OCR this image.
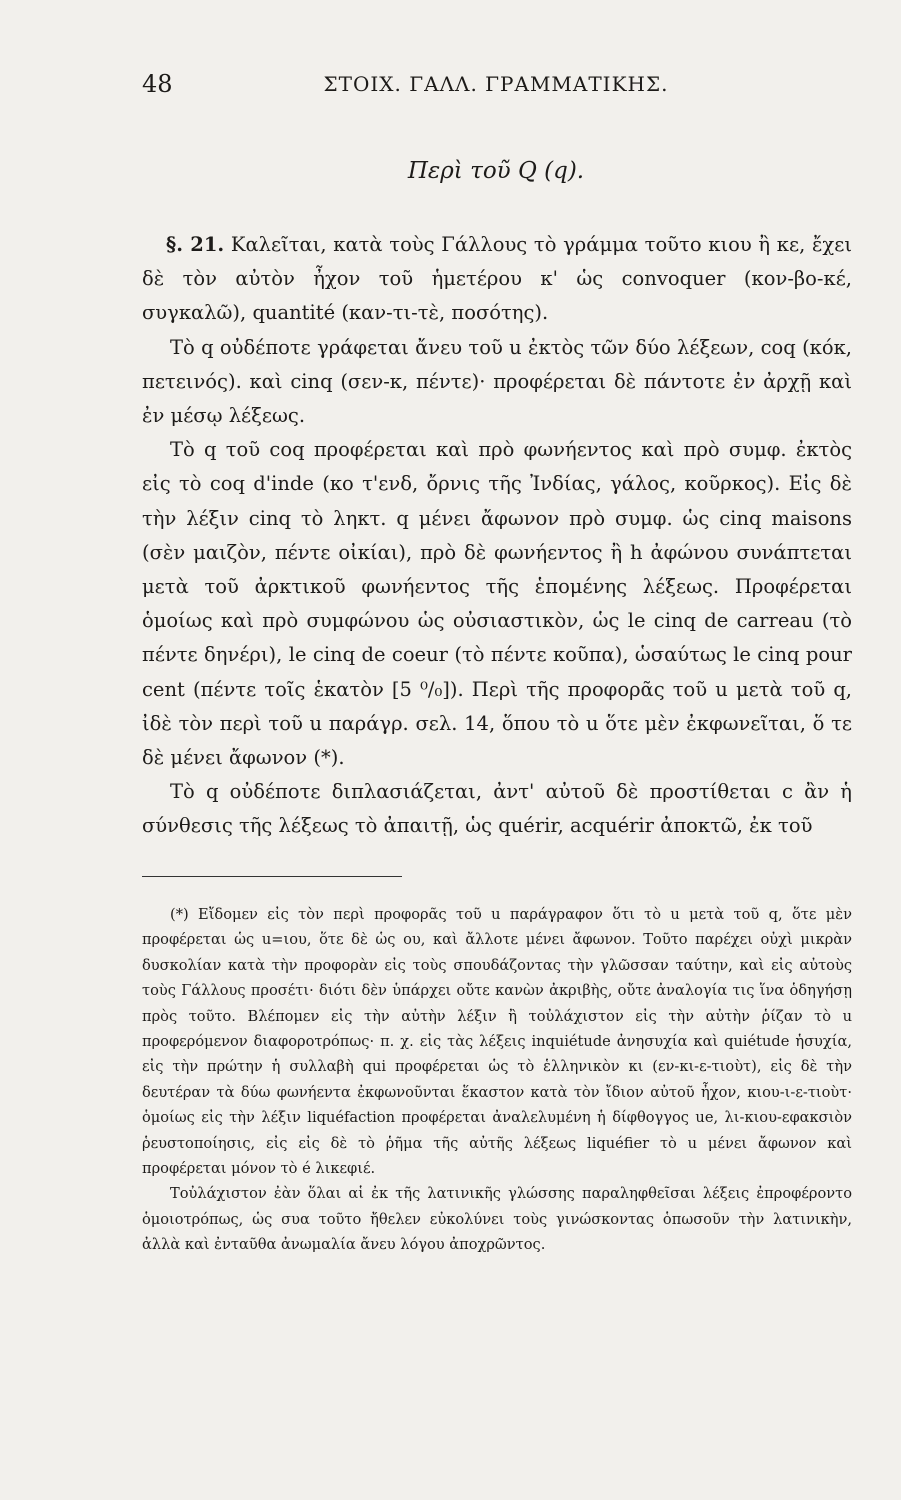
48	ΣΤΟΙΧ. ΓΑΛΛ. ΓΡΑΜΜΑΤΙΚΗΣ.
Περὶ τοῦ Q (q).

§. 21. Καλεῖται, κατὰ τοὺς Γάλλους τὸ γράμμα τοῦτο κιου ἢ κε, ἔχει δὲ τὸν αὐτὸν ἦχον τοῦ ἡμετέρου κ' ὡς convoquer (κον-βο-κέ, συγκαλῶ), quantité (καν-τι-τὲ, ποσότης).

Τὸ q οὐδέποτε γράφεται ἄνευ τοῦ u ἐκτὸς τῶν δύο λέξεων, coq (κόκ, πετεινός). καὶ cinq (σεν-κ, πέντε)· προφέρεται δὲ πάντοτε ἐν ἀρχῇ καὶ ἐν μέσῳ λέξεως.

Τὸ q τοῦ coq προφέρεται καὶ πρὸ φωνήεντος καὶ πρὸ συμφ. ἐκτὸς εἰς τὸ coq d'inde (κο τ'ενδ, ὄρνις τῆς Ἰνδίας, γάλος, κοῦρκος). Εἰς δὲ τὴν λέξιν cinq τὸ ληκτ. q μένει ἄφωνον πρὸ συμφ. ὡς cinq maisons (σὲν μαιζὸν, πέντε οἰκίαι), πρὸ δὲ φωνήεντος ἢ h ἀφώνου συνάπτεται μετὰ τοῦ ἀρκτικοῦ φωνήεντος τῆς ἑπομένης λέξεως. Προφέρεται ὁμοίως καὶ πρὸ συμφώνου ὡς οὐσιαστικὸν, ὡς le cinq de carreau (τὸ πέντε δηνέρι), le cinq de coeur (τὸ πέντε κοῦπα), ὡσαύτως le cinq pour cent (πέντε τοῖς ἑκατὸν [5 ⁰/₀]). Περὶ τῆς προφορᾶς τοῦ u μετὰ τοῦ q, ἰδὲ τὸν περὶ τοῦ u παράγρ. σελ. 14, ὅπου τὸ u ὅτε μὲν ἐκφωνεῖται, ὅ τε δὲ μένει ἄφωνον (*).

Τὸ q οὐδέποτε διπλασιάζεται, ἀντ' αὐτοῦ δὲ προστίθεται c ἂν ἡ σύνθεσις τῆς λέξεως τὸ ἀπαιτῇ, ὡς quérir, acquérir ἀποκτῶ, ἐκ τοῦ

(*) Εἴδομεν εἰς τὸν περὶ προφορᾶς τοῦ u παράγραφον ὅτι τὸ u μετὰ τοῦ q, ὅτε μὲν προφέρεται ὡς u=ιου, ὅτε δὲ ὡς ου, καὶ ἄλλοτε μένει ἄφωνον. Τοῦτο παρέχει οὐχὶ μικρὰν δυσκολίαν κατὰ τὴν προφορὰν εἰς τοὺς σπουδάζοντας τὴν γλῶσσαν ταύτην, καὶ εἰς αὐτοὺς τοὺς Γάλλους προσέτι· διότι δὲν ὑπάρχει οὔτε κανὼν ἀκριβὴς, οὔτε ἀναλογία τις ἵνα ὁδηγήσῃ πρὸς τοῦτο. Βλέπομεν εἰς τὴν αὐτὴν λέξιν ἢ τοὐλάχιστον εἰς τὴν αὐτὴν ῥίζαν τὸ u προφερόμενον διαφοροτρόπως· π. χ. εἰς τὰς λέξεις inquiétude ἀνησυχία καὶ quiétude ἡσυχία, εἰς τὴν πρώτην ἡ συλλαβὴ qui προφέρεται ὡς τὸ ἑλληνικὸν κι (εν-κι-ε-τιοὺτ), εἰς δὲ τὴν δευτέραν τὰ δύω φωνήεντα ἐκφωνοῦνται ἕκαστον κατὰ τὸν ἴδιον αὐτοῦ ἦχον, κιου-ι-ε-τιοὺτ· ὁμοίως εἰς τὴν λέξιν liquéfaction προφέρεται ἀναλελυμένη ἡ δίφθογγος ue, λι-κιου-εφακσιὸν ῥευστοποίησις, εἰς εἰς δὲ τὸ ῥῆμα τῆς αὐτῆς λέξεως liquéfier τὸ u μένει ἄφωνον καὶ προφέρεται μόνον τὸ é λικεφιέ.

Τοὐλάχιστον ἐὰν ὅλαι αἱ ἐκ τῆς λατινικῆς γλώσσης παραληφθεῖσαι λέξεις ἐπροφέροντο ὁμοιοτρόπως, ὡς συα τοῦτο ἤθελεν εὐκολύνει τοὺς γινώσκοντας ὁπωσοῦν τὴν λατινικὴν, ἀλλὰ καὶ ἐνταῦθα ἀνωμαλία ἄνευ λόγου ἀποχρῶντος.
